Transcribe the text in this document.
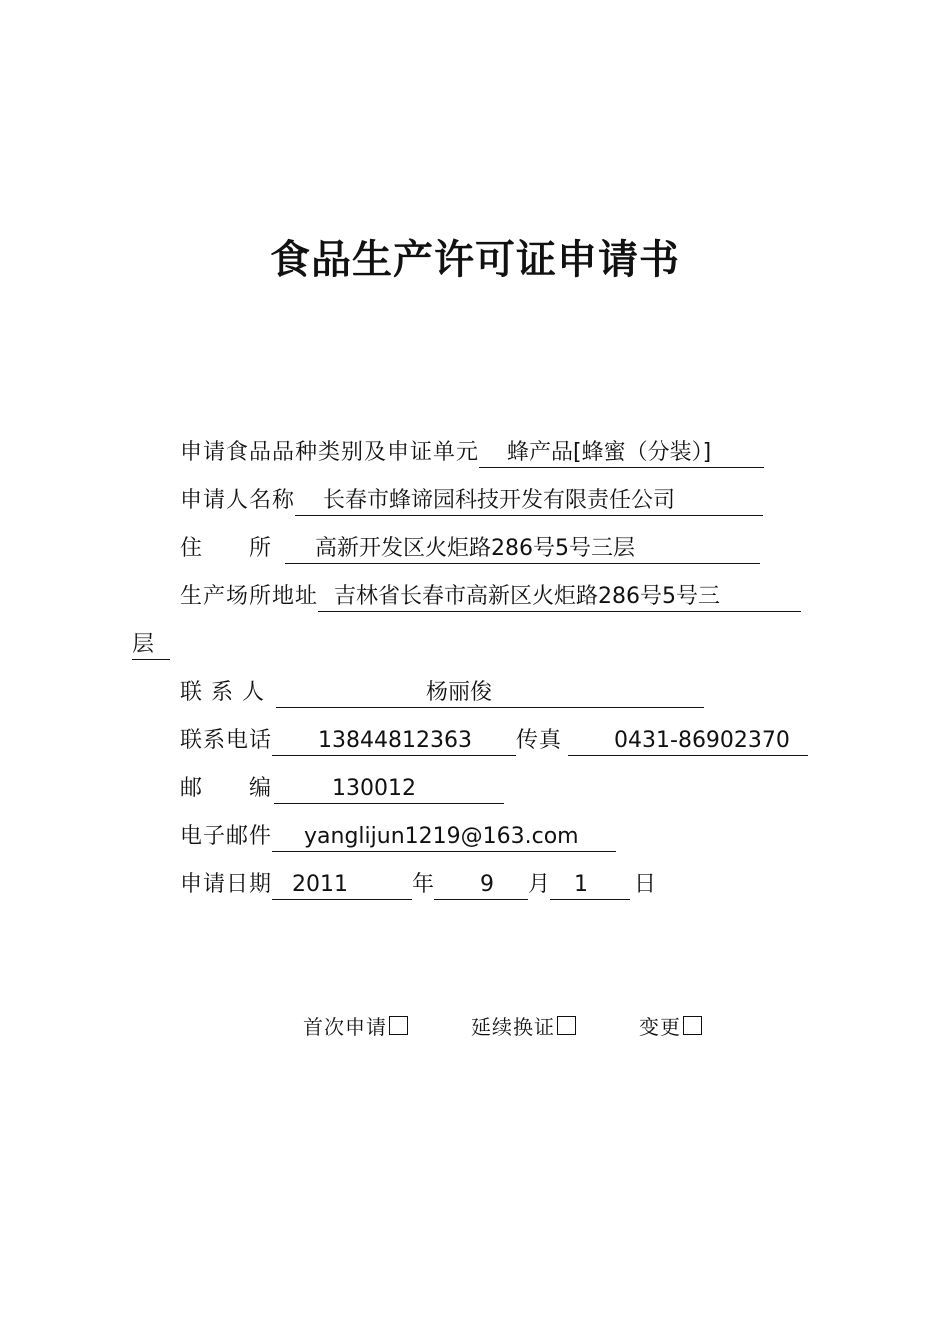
食品生产许可证申请书
申请食品品种类别及申证单元 蜂产品[蜂蜜（分装）]
申请人名称 长春市蜂谛园科技开发有限责任公司
住　　所 高新开发区火炬路286号5号三层
生产场所地址 吉林省长春市高新区火炬路286号5号三
层
联 系 人	杨丽俊
联系电话 13844812363 传真 0431-86902370
邮　　编	130012
电子邮件 yanglijun1219@163.com
申请日期 2011	年 9 月 1 日
首次申请	延续换证	变更
